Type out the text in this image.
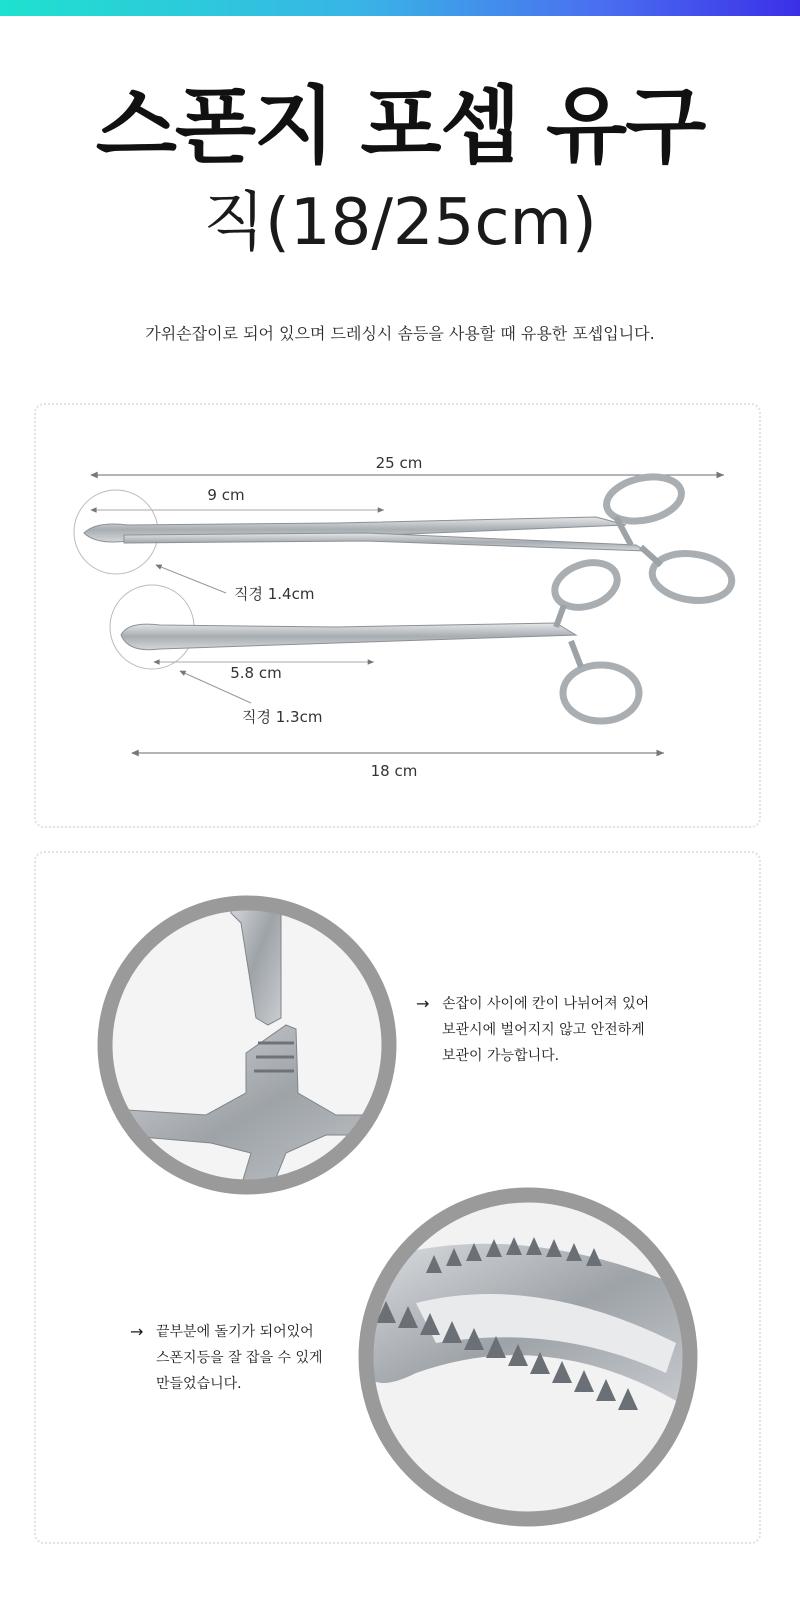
스폰지 포셉 유구
직(18/25cm)
가위손잡이로 되어 있으며 드레싱시 솜등을 사용할 때 유용한 포셉입니다.
25 cm
9 cm
직경 1.4cm
5.8 cm
직경 1.3cm
18 cm
→ 손잡이 사이에 칸이 나뉘어져 있어
보관시에 벌어지지 않고 안전하게
보관이 가능합니다.
→ 끝부분에 돌기가 되어있어
스폰지등을 잘 잡을 수 있게
만들었습니다.
